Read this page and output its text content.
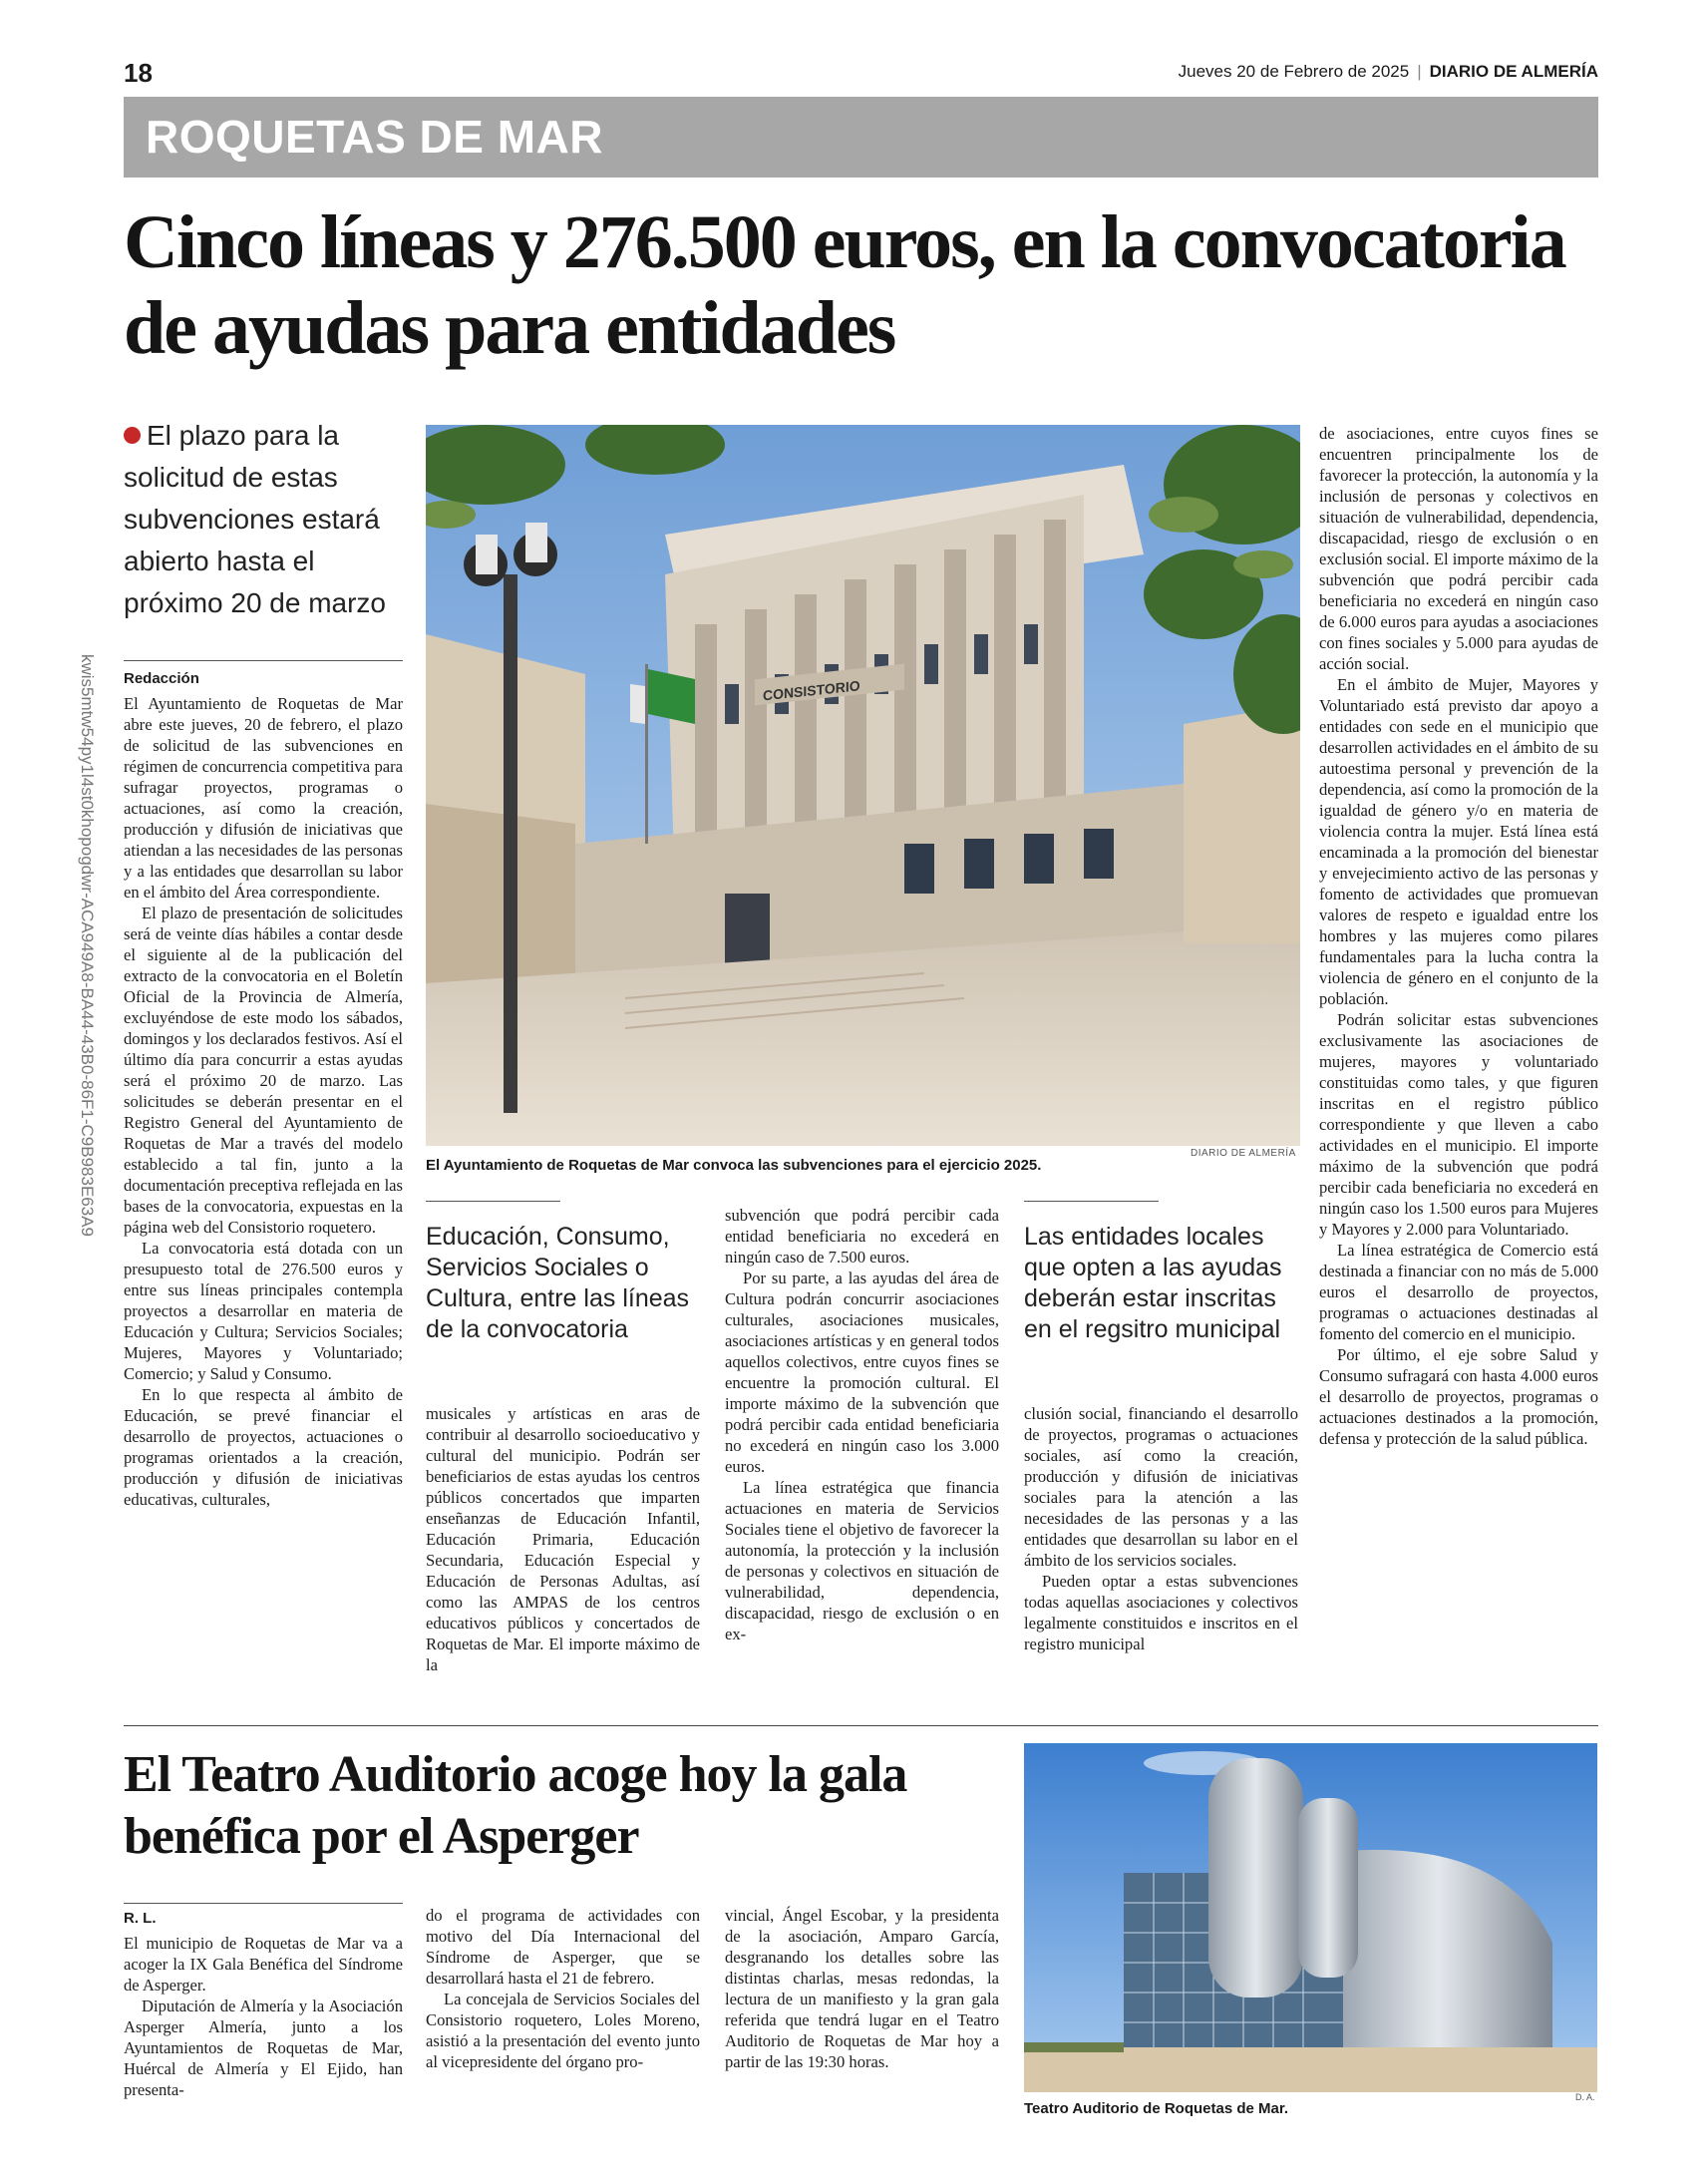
18	Jueves 20 de Febrero de 2025 | DIARIO DE ALMERÍA
ROQUETAS DE MAR
Cinco líneas y 276.500 euros, en la convocatoria de ayudas para entidades
El plazo para la solicitud de estas subvenciones estará abierto hasta el próximo 20 de marzo
kwis5mtw54py1l4st0khopogdwr-ACA949A8-BA44-43B0-86F1-C9B983E63A9 Redacción

El Ayuntamiento de Roquetas de Mar abre este jueves, 20 de febrero, el plazo de solicitud de las subvenciones en régimen de concurrencia competitiva para sufragar proyectos, programas o actuaciones, así como la creación, producción y difusión de iniciativas que atiendan a las necesidades de las personas y a las entidades que desarrollan su labor en el ámbito del Área correspondiente.

El plazo de presentación de solicitudes será de veinte días hábiles a contar desde el siguiente al de la publicación del extracto de la convocatoria en el Boletín Oficial de la Provincia de Almería, excluyéndose de este modo los sábados, domingos y los declarados festivos. Así el último día para concurrir a estas ayudas será el próximo 20 de marzo. Las solicitudes se deberán presentar en el Registro General del Ayuntamiento de Roquetas de Mar a través del modelo establecido a tal fin, junto a la documentación preceptiva reflejada en las bases de la convocatoria, expuestas en la página web del Consistorio roquetero.

La convocatoria está dotada con un presupuesto total de 276.500 euros y entre sus líneas principales contempla proyectos a desarrollar en materia de Educación y Cultura; Servicios Sociales; Mujeres, Mayores y Voluntariado; Comercio; y Salud y Consumo.

En lo que respecta al ámbito de Educación, se prevé financiar el desarrollo de proyectos, actuaciones o programas orientados a la creación, producción y difusión de iniciativas educativas, culturales,

CONSISTORIO
DIARIO DE ALMERÍA
El Ayuntamiento de Roquetas de Mar convoca las subvenciones para el ejercicio 2025.
Educación, Consumo, Servicios Sociales o Cultura, entre las líneas de la convocatoria
Las entidades locales que opten a las ayudas deberán estar inscritas en el regsitro municipal

musicales y artísticas en aras de contribuir al desarrollo socioeducativo y cultural del municipio. Podrán ser beneficiarios de estas ayudas los centros públicos concertados que imparten enseñanzas de Educación Infantil, Educación Primaria, Educación Secundaria, Educación Especial y Educación de Personas Adultas, así como las AMPAS de los centros educativos públicos y concertados de Roquetas de Mar. El importe máximo de la

subvención que podrá percibir cada entidad beneficiaria no excederá en ningún caso de 7.500 euros.

Por su parte, a las ayudas del área de Cultura podrán concurrir asociaciones culturales, asociaciones musicales, asociaciones artísticas y en general todos aquellos colectivos, entre cuyos fines se encuentre la promoción cultural. El importe máximo de la subvención que podrá percibir cada entidad beneficiaria no excederá en ningún caso los 3.000 euros.

La línea estratégica que financia actuaciones en materia de Servicios Sociales tiene el objetivo de favorecer la autonomía, la protección y la inclusión de personas y colectivos en situación de vulnerabilidad, dependencia, discapacidad, riesgo de exclusión o en ex-

clusión social, financiando el desarrollo de proyectos, programas o actuaciones sociales, así como la creación, producción y difusión de iniciativas sociales para la atención a las necesidades de las personas y a las entidades que desarrollan su labor en el ámbito de los servicios sociales.

Pueden optar a estas subvenciones todas aquellas asociaciones y colectivos legalmente constituidos e inscritos en el registro municipal

de asociaciones, entre cuyos fines se encuentren principalmente los de favorecer la protección, la autonomía y la inclusión de personas y colectivos en situación de vulnerabilidad, dependencia, discapacidad, riesgo de exclusión o en exclusión social. El importe máximo de la subvención que podrá percibir cada beneficiaria no excederá en ningún caso de 6.000 euros para ayudas a asociaciones con fines sociales y 5.000 para ayudas de acción social.

En el ámbito de Mujer, Mayores y Voluntariado está previsto dar apoyo a entidades con sede en el municipio que desarrollen actividades en el ámbito de su autoestima personal y prevención de la dependencia, así como la promoción de la igualdad de género y/o en materia de violencia contra la mujer. Está línea está encaminada a la promoción del bienestar y envejecimiento activo de las personas y fomento de actividades que promuevan valores de respeto e igualdad entre los hombres y las mujeres como pilares fundamentales para la lucha contra la violencia de género en el conjunto de la población.

Podrán solicitar estas subvenciones exclusivamente las asociaciones de mujeres, mayores y voluntariado constituidas como tales, y que figuren inscritas en el registro público correspondiente y que lleven a cabo actividades en el municipio. El importe máximo de la subvención que podrá percibir cada beneficiaria no excederá en ningún caso los 1.500 euros para Mujeres y Mayores y 2.000 para Voluntariado.

La línea estratégica de Comercio está destinada a financiar con no más de 5.000 euros el desarrollo de proyectos, programas o actuaciones destinadas al fomento del comercio en el municipio.

Por último, el eje sobre Salud y Consumo sufragará con hasta 4.000 euros el desarrollo de proyectos, programas o actuaciones destinados a la promoción, defensa y protección de la salud pública.

El Teatro Auditorio acoge hoy la gala benéfica por el Asperger
R. L.

El municipio de Roquetas de Mar va a acoger la IX Gala Benéfica del Síndrome de Asperger.

Diputación de Almería y la Asociación Asperger Almería, junto a los Ayuntamientos de Roquetas de Mar, Huércal de Almería y El Ejido, han presenta-

do el programa de actividades con motivo del Día Internacional del Síndrome de Asperger, que se desarrollará hasta el 21 de febrero.

La concejala de Servicios Sociales del Consistorio roquetero, Loles Moreno, asistió a la presentación del evento junto al vicepresidente del órgano pro-

vincial, Ángel Escobar, y la presidenta de la asociación, Amparo García, desgranando los detalles sobre las distintas charlas, mesas redondas, la lectura de un manifiesto y la gran gala referida que tendrá lugar en el Teatro Auditorio de Roquetas de Mar hoy a partir de las 19:30 horas.

D. A.
Teatro Auditorio de Roquetas de Mar.
